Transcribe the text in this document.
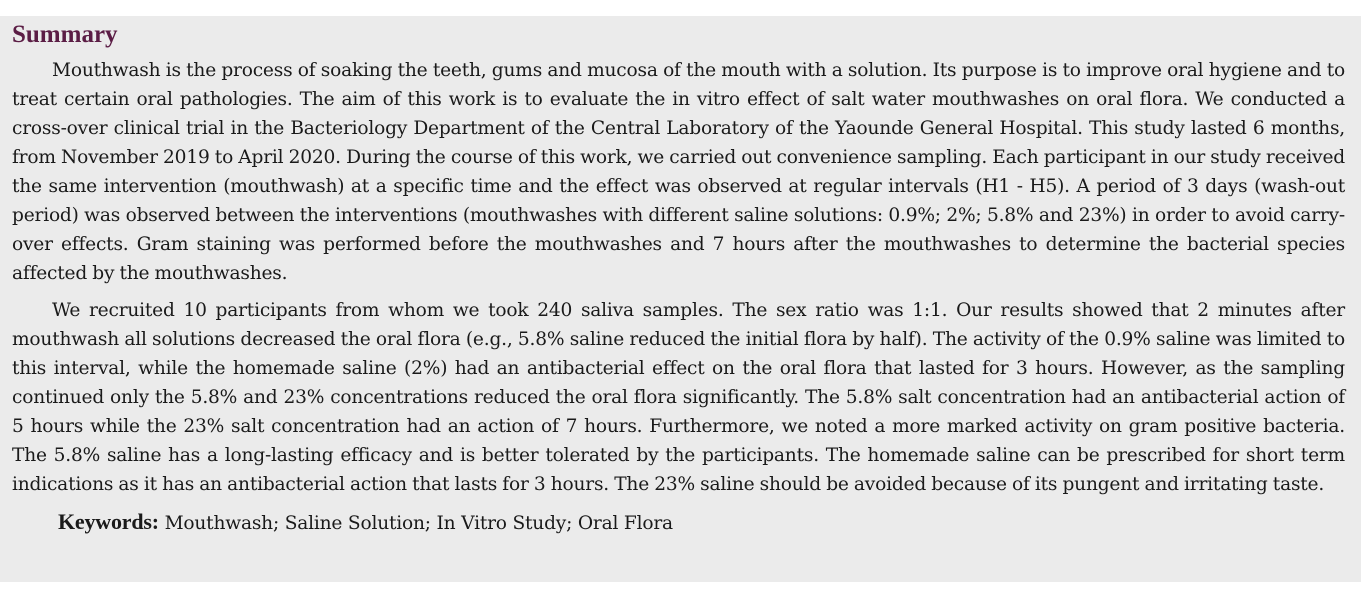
Summary

Mouthwash is the process of soaking the teeth, gums and mucosa of the mouth with a solution. Its purpose is to improve oral hygiene and to treat certain oral pathologies. The aim of this work is to evaluate the in vitro effect of salt water mouthwashes on oral flora. We conducted a cross-over clinical trial in the Bacteriology Department of the Central Laboratory of the Yaounde General Hospital. This study lasted 6 months, from November 2019 to April 2020. During the course of this work, we carried out convenience sampling. Each participant in our study received the same intervention (mouthwash) at a specific time and the effect was observed at regular intervals (H1 - H5). A period of 3 days (wash-out period) was observed between the interventions (mouthwashes with different saline solutions: 0.9%; 2%; 5.8% and 23%) in order to avoid carry-over effects. Gram staining was performed before the mouthwashes and 7 hours after the mouthwashes to determine the bacterial species affected by the mouthwashes.

We recruited 10 participants from whom we took 240 saliva samples. The sex ratio was 1:1. Our results showed that 2 minutes after mouthwash all solutions decreased the oral flora (e.g., 5.8% saline reduced the initial flora by half). The activity of the 0.9% saline was limited to this interval, while the homemade saline (2%) had an antibacterial effect on the oral flora that lasted for 3 hours. However, as the sampling continued only the 5.8% and 23% concentrations reduced the oral flora significantly. The 5.8% salt concentration had an antibacterial action of 5 hours while the 23% salt concentration had an action of 7 hours. Furthermore, we noted a more marked activity on gram positive bacteria. The 5.8% saline has a long-lasting efficacy and is better tolerated by the participants. The homemade saline can be prescribed for short term indications as it has an antibacterial action that lasts for 3 hours. The 23% saline should be avoided because of its pungent and irritating taste.

Keywords: Mouthwash; Saline Solution; In Vitro Study; Oral Flora
